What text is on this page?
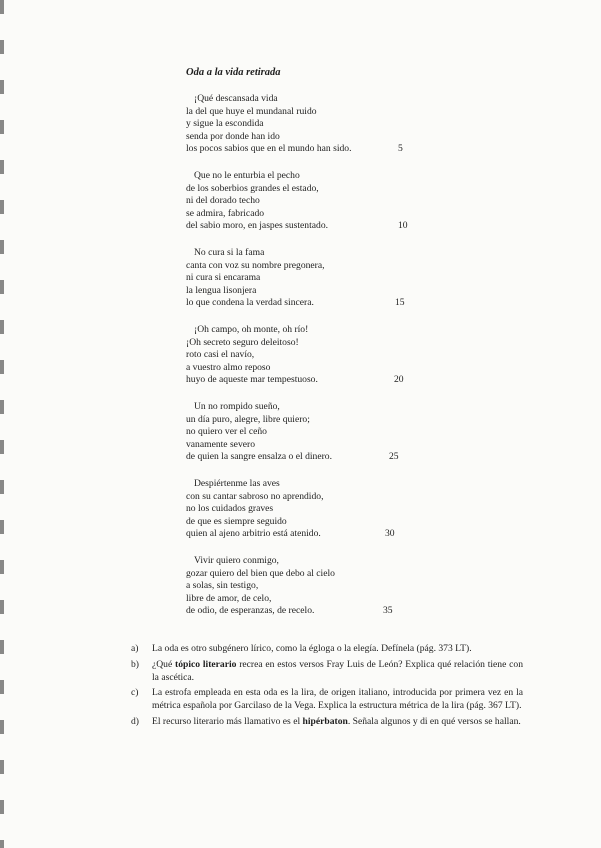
Oda a la vida retirada
¡Qué descansada vida
la del que huye el mundanal ruido
y sigue la escondida
senda por donde han ido
los pocos sabios que en el mundo han sido.	5
Que no le enturbia el pecho
de los soberbios grandes el estado,
ni del dorado techo
se admira, fabricado
del sabio moro, en jaspes sustentado.	10
No cura si la fama
canta con voz su nombre pregonera,
ni cura si encarama
la lengua lisonjera
lo que condena la verdad sincera.	15
¡Oh campo, oh monte, oh río!
¡Oh secreto seguro deleitoso!
roto casi el navío,
a vuestro almo reposo
huyo de aqueste mar tempestuoso.	20
Un no rompido sueño,
un día puro, alegre, libre quiero;
no quiero ver el ceño
vanamente severo
de quien la sangre ensalza o el dinero.	25
Despiértenme las aves
con su cantar sabroso no aprendido,
no los cuidados graves
de que es siempre seguido
quien al ajeno arbitrio está atenido.	30
Vivir quiero conmigo,
gozar quiero del bien que debo al cielo
a solas, sin testigo,
libre de amor, de celo,
de odio, de esperanzas, de recelo.	35
a) La oda es otro subgénero lírico, como la égloga o la elegía. Defínela (pág. 373 LT).
b) ¿Qué tópico literario recrea en estos versos Fray Luis de León? Explica qué relación tiene con la ascética.
c) La estrofa empleada en esta oda es la lira, de origen italiano, introducida por primera vez en la métrica española por Garcilaso de la Vega. Explica la estructura métrica de la lira (pág. 367 LT).
d) El recurso literario más llamativo es el hipérbaton. Señala algunos y di en qué versos se hallan.
